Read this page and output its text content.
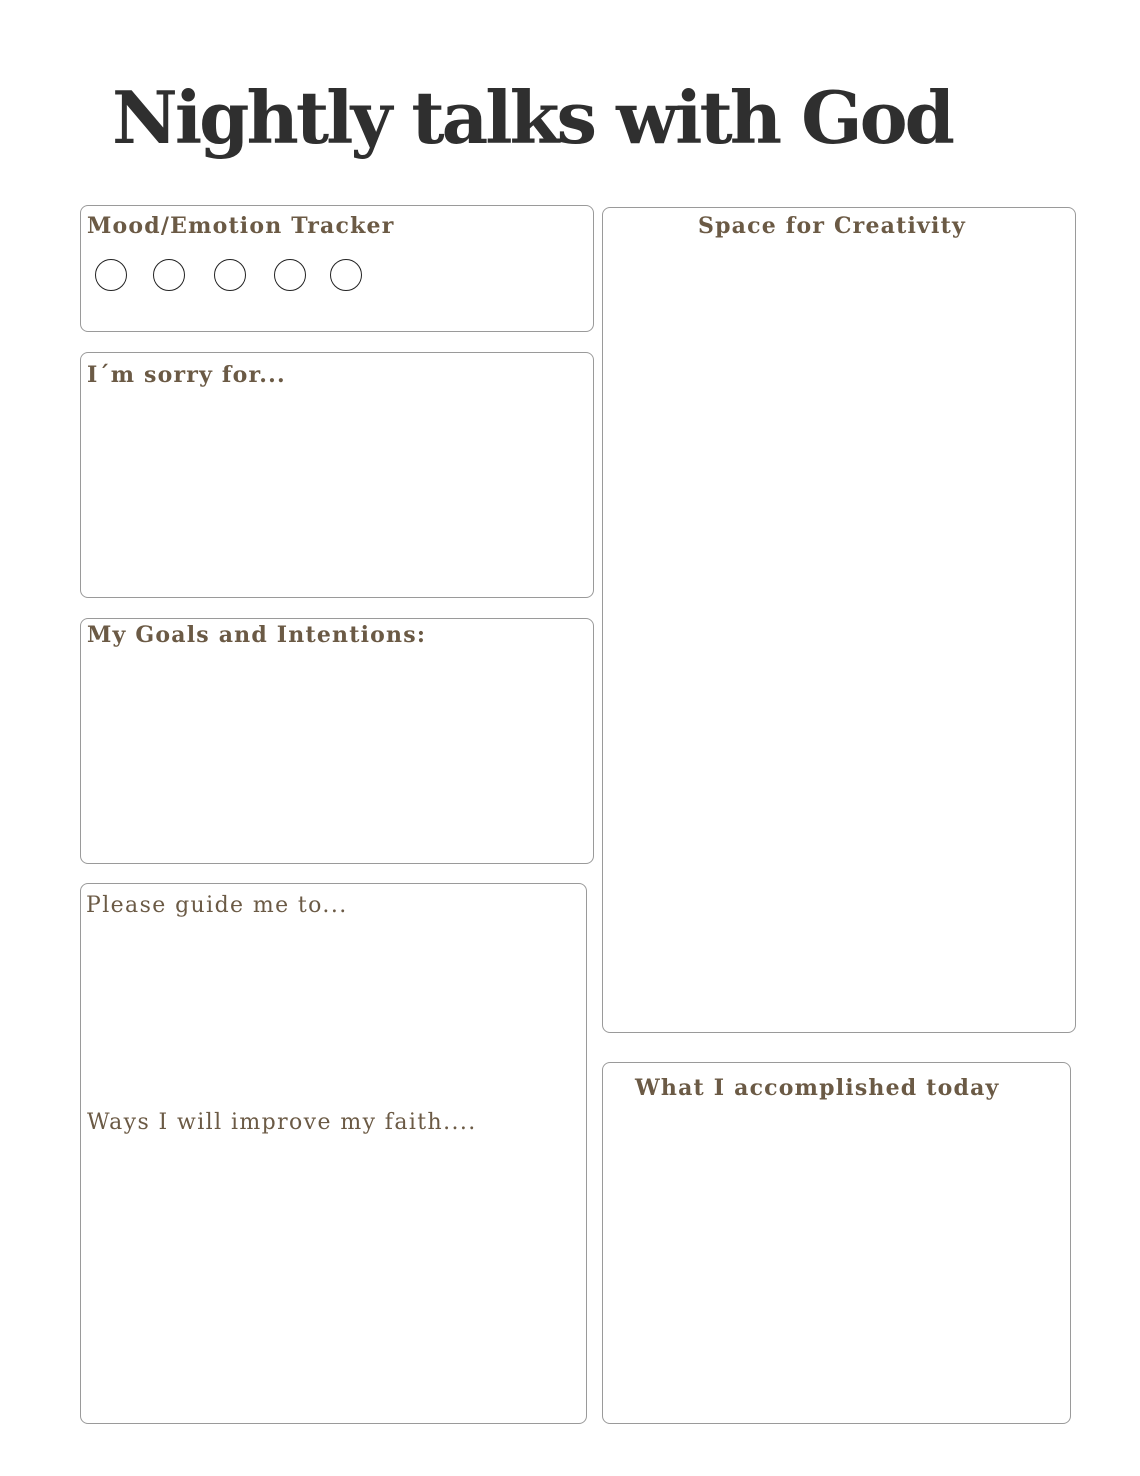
Nightly talks with God
Mood/Emotion Tracker
I´m sorry for...
My Goals and Intentions:
Please guide me to...
Ways I will improve my faith....
Space for Creativity
What I accomplished today
